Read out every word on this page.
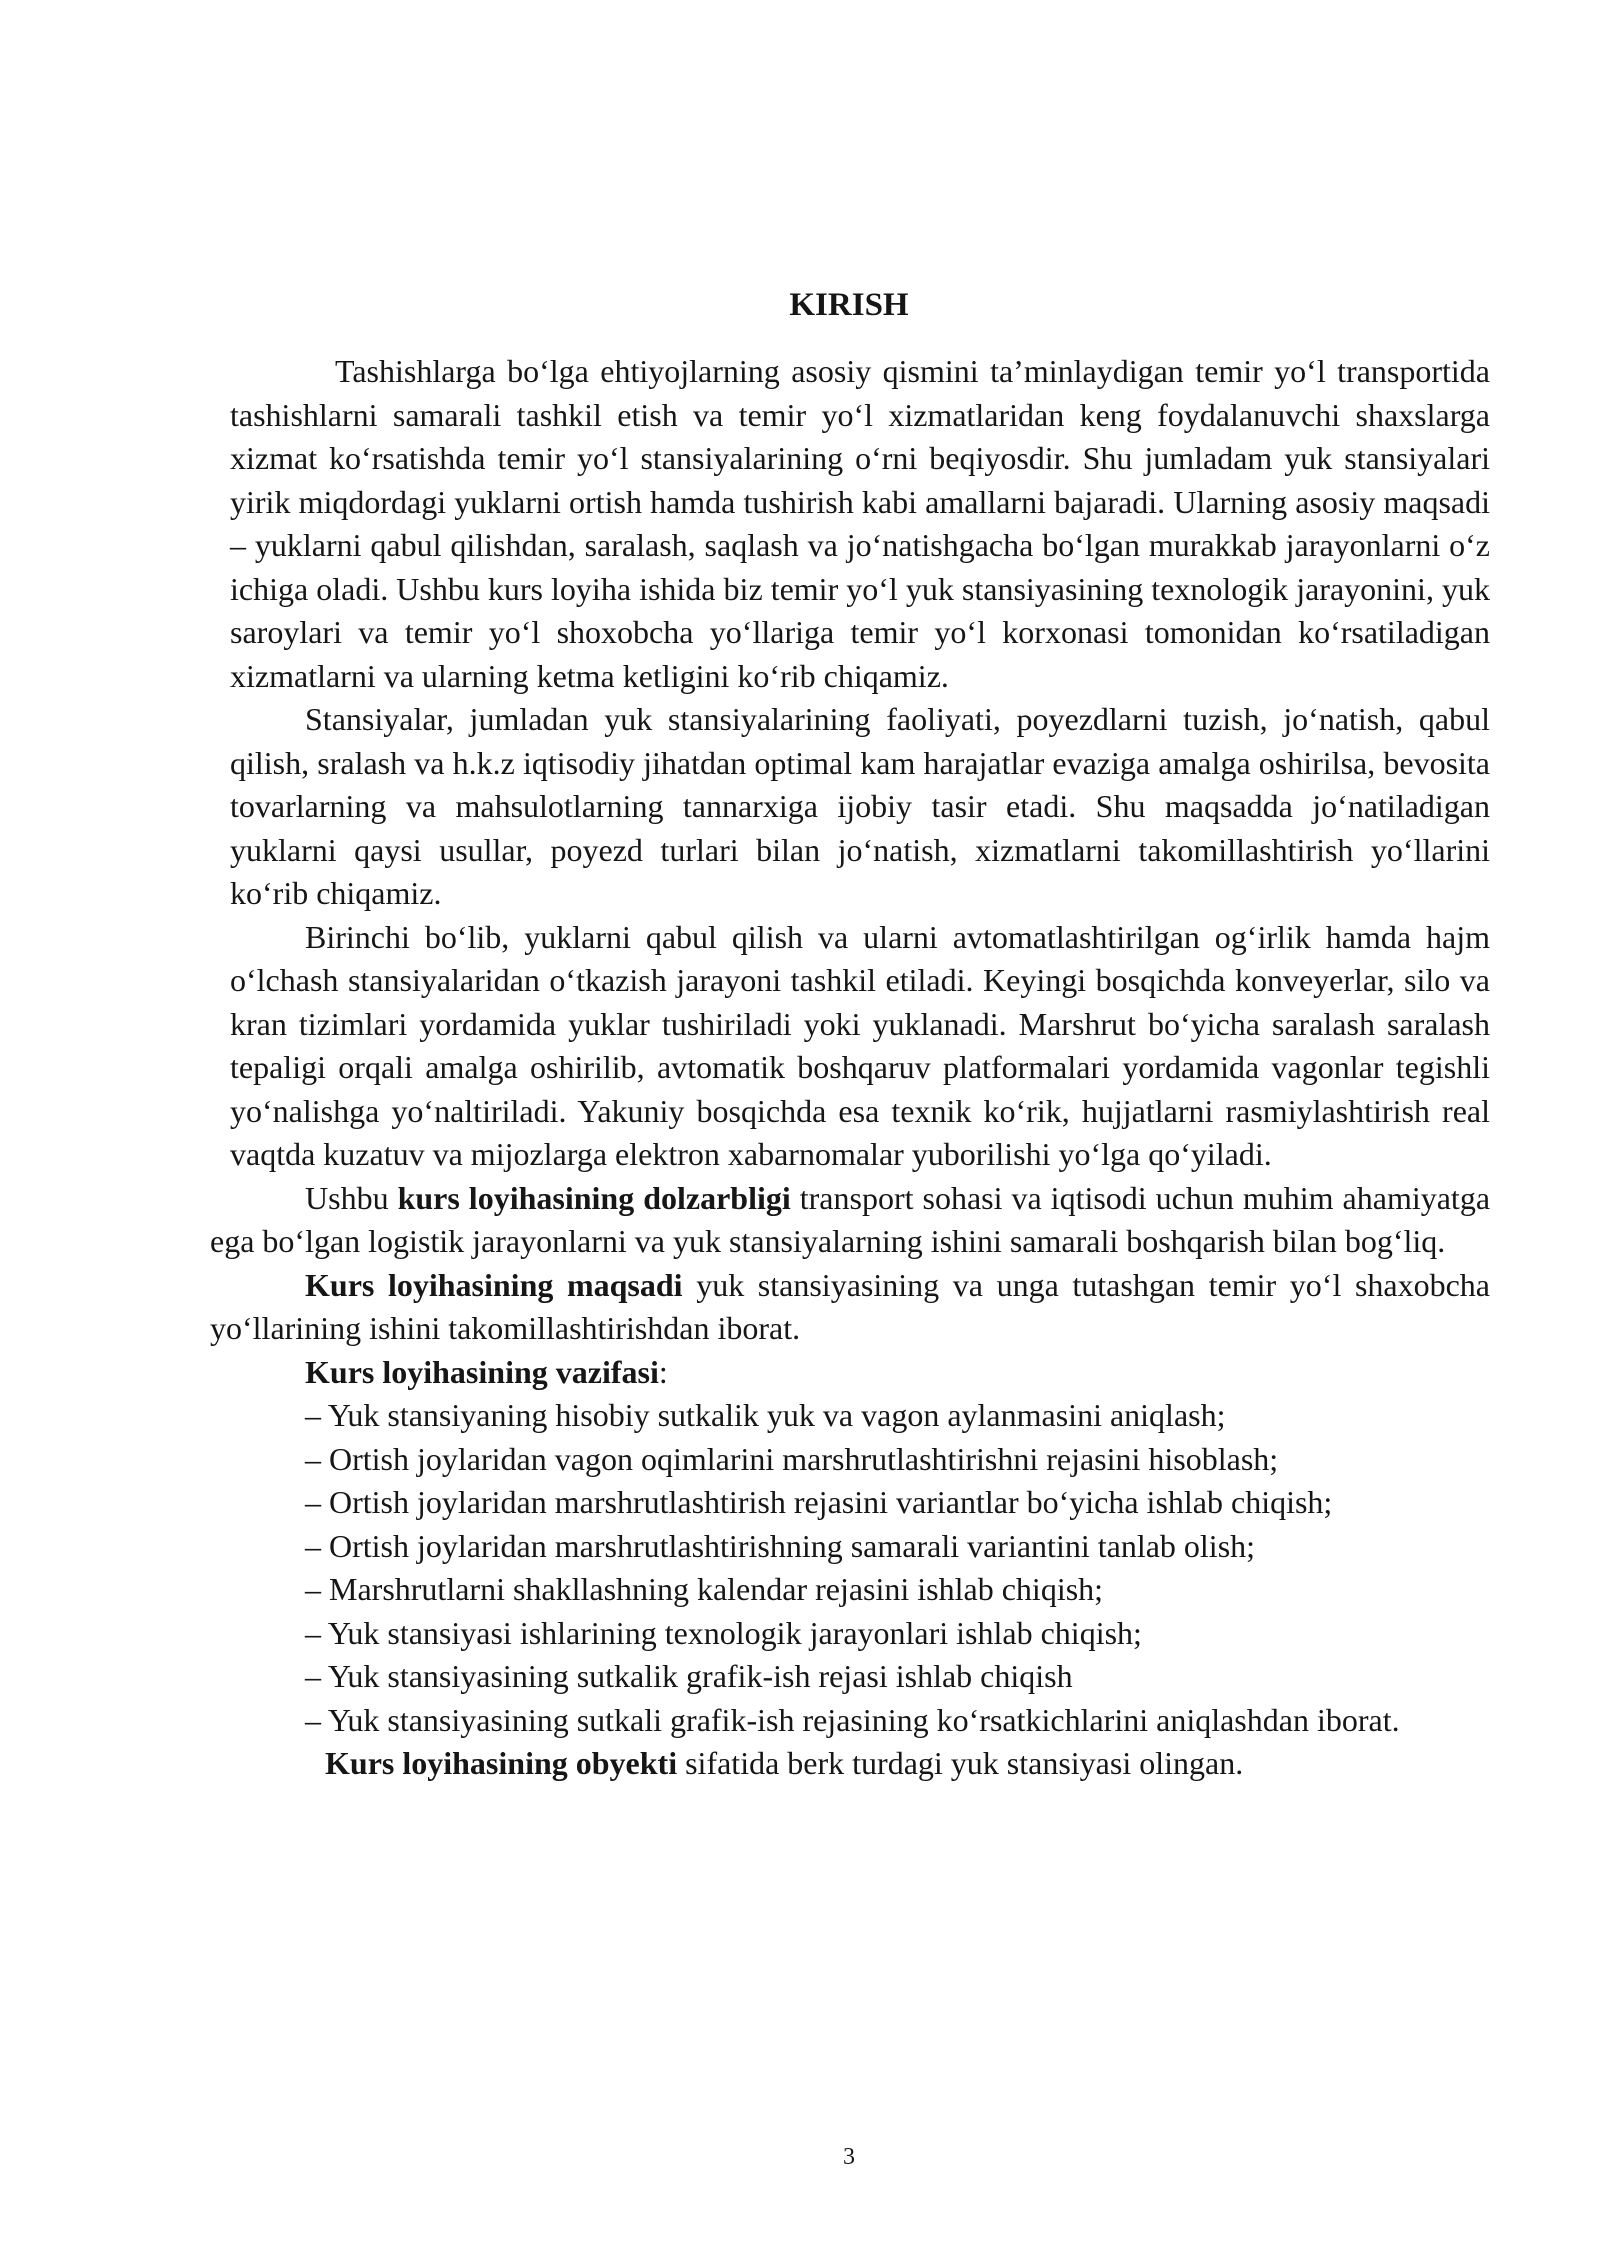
KIRISH

Tashishlarga bo‘lga ehtiyojlarning asosiy qismini ta’minlaydigan temir yo‘l transportida tashishlarni samarali tashkil etish va temir yo‘l xizmatlaridan keng foydalanuvchi shaxslarga xizmat ko‘rsatishda temir yo‘l stansiyalarining o‘rni beqiyosdir. Shu jumladam yuk stansiyalari yirik miqdordagi yuklarni ortish hamda tushirish kabi amallarni bajaradi. Ularning asosiy maqsadi – yuklarni qabul qilishdan, saralash, saqlash va jo‘natishgacha bo‘lgan murakkab jarayonlarni o‘z ichiga oladi. Ushbu kurs loyiha ishida biz temir yo‘l yuk stansiyasining texnologik jarayonini, yuk saroylari va temir yo‘l shoxobcha yo‘llariga temir yo‘l korxonasi tomonidan ko‘rsatiladigan xizmatlarni va ularning ketma ketligini ko‘rib chiqamiz.

Stansiyalar, jumladan yuk stansiyalarining faoliyati, poyezdlarni tuzish, jo‘natish, qabul qilish, sralash va h.k.z iqtisodiy jihatdan optimal kam harajatlar evaziga amalga oshirilsa, bevosita tovarlarning va mahsulotlarning tannarxiga ijobiy tasir etadi. Shu maqsadda jo‘natiladigan yuklarni qaysi usullar, poyezd turlari bilan jo‘natish, xizmatlarni takomillashtirish yo‘llarini ko‘rib chiqamiz.

Birinchi bo‘lib, yuklarni qabul qilish va ularni avtomatlashtirilgan og‘irlik hamda hajm o‘lchash stansiyalaridan o‘tkazish jarayoni tashkil etiladi. Keyingi bosqichda konveyerlar, silo va kran tizimlari yordamida yuklar tushiriladi yoki yuklanadi. Marshrut bo‘yicha saralash saralash tepaligi orqali amalga oshirilib, avtomatik boshqaruv platformalari yordamida vagonlar tegishli yo‘nalishga yo‘naltiriladi. Yakuniy bosqichda esa texnik ko‘rik, hujjatlarni rasmiylashtirish real vaqtda kuzatuv va mijozlarga elektron xabarnomalar yuborilishi yo‘lga qo‘yiladi.

Ushbu kurs loyihasining dolzarbligi transport sohasi va iqtisodi uchun muhim ahamiyatga ega bo‘lgan logistik jarayonlarni va yuk stansiyalarning ishini samarali boshqarish bilan bog‘liq.

Kurs loyihasining maqsadi yuk stansiyasining va unga tutashgan temir yo‘l shaxobcha yo‘llarining ishini takomillashtirishdan iborat.

Kurs loyihasining vazifasi:

– Yuk stansiyaning hisobiy sutkalik yuk va vagon aylanmasini aniqlash;

– Ortish joylaridan vagon oqimlarini marshrutlashtirishni rejasini hisoblash;

– Ortish joylaridan marshrutlashtirish rejasini variantlar bo‘yicha ishlab chiqish;

– Ortish joylaridan marshrutlashtirishning samarali variantini tanlab olish;

– Marshrutlarni shakllashning kalendar rejasini ishlab chiqish;

– Yuk stansiyasi ishlarining texnologik jarayonlari ishlab chiqish;

– Yuk stansiyasining sutkalik grafik-ish rejasi ishlab chiqish

– Yuk stansiyasining sutkali grafik-ish rejasining ko‘rsatkichlarini aniqlashdan iborat.

Kurs loyihasining obyekti sifatida berk turdagi yuk stansiyasi olingan.

3
